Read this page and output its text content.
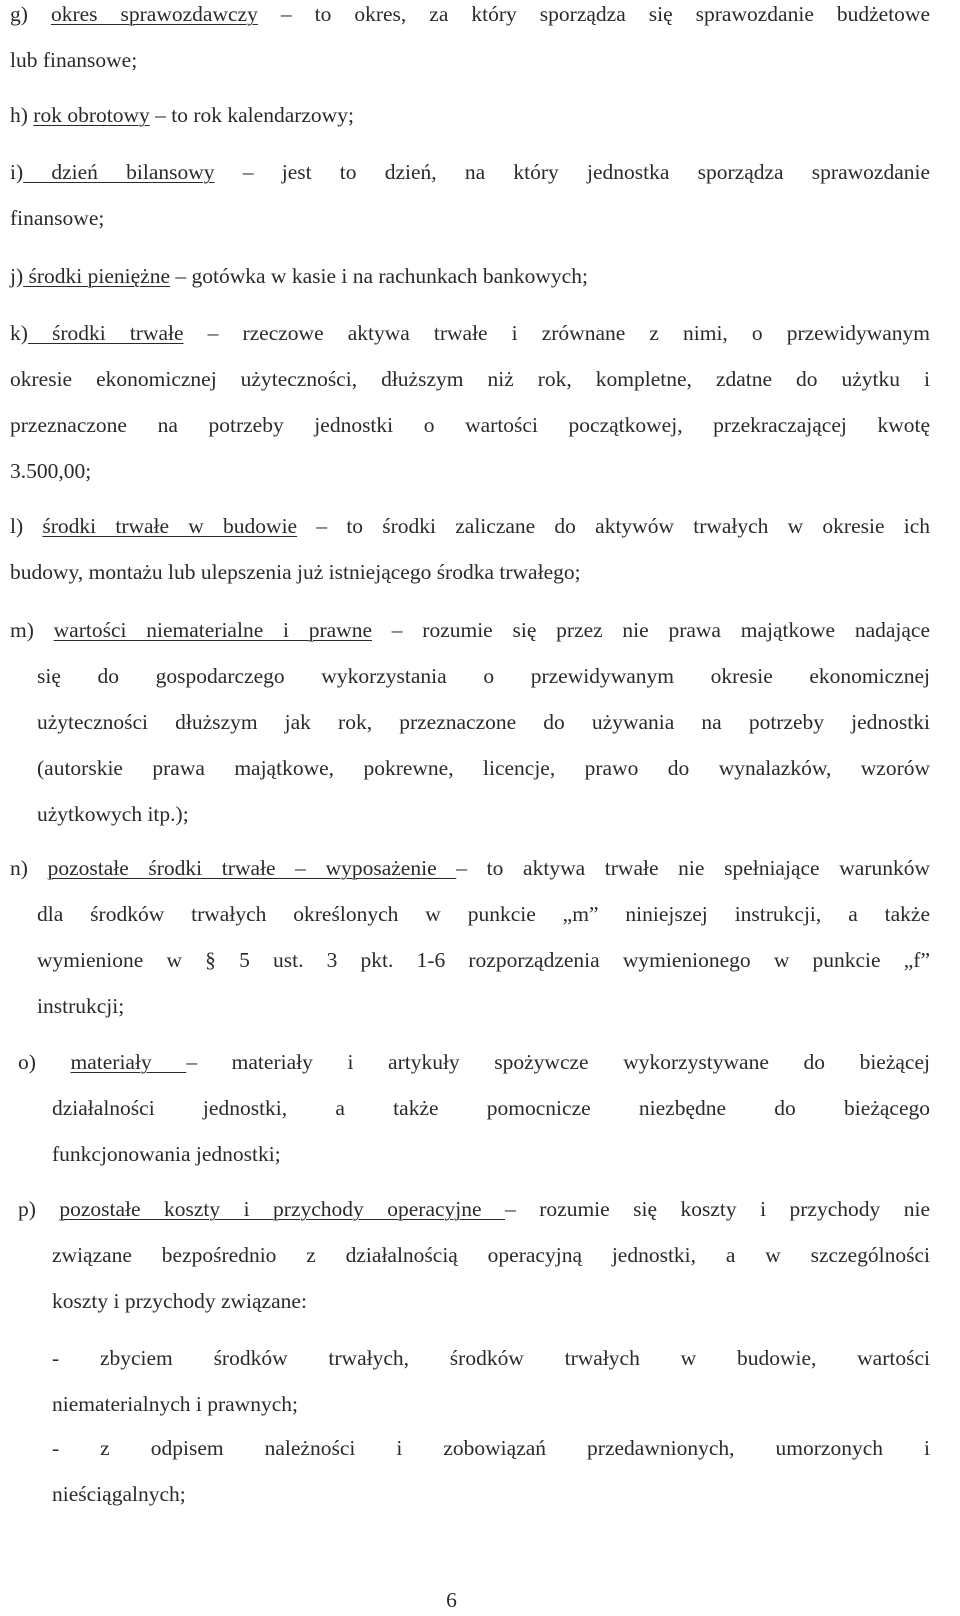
g) okres sprawozdawczy – to okres, za który sporządza się sprawozdanie budżetowe
lub finansowe;
h) rok obrotowy – to rok kalendarzowy;
i) dzień bilansowy – jest to dzień, na który jednostka sporządza sprawozdanie
finansowe;
j) środki pieniężne – gotówka w kasie i na rachunkach bankowych;
k) środki trwałe – rzeczowe aktywa trwałe i zrównane z nimi, o przewidywanym
okresie ekonomicznej użyteczności, dłuższym niż rok, kompletne, zdatne do użytku i
przeznaczone na potrzeby jednostki o wartości początkowej, przekraczającej kwotę
3.500,00;
l) środki trwałe w budowie – to środki zaliczane do aktywów trwałych w okresie ich
budowy, montażu lub ulepszenia już istniejącego środka trwałego;
m) wartości niematerialne i prawne – rozumie się przez nie prawa majątkowe nadające
się do gospodarczego wykorzystania o przewidywanym okresie ekonomicznej
użyteczności dłuższym jak rok, przeznaczone do używania na potrzeby jednostki
(autorskie prawa majątkowe, pokrewne, licencje, prawo do wynalazków, wzorów
użytkowych itp.);
n) pozostałe środki trwałe – wyposażenie – to aktywa trwałe nie spełniające warunków
dla środków trwałych określonych w punkcie „m” niniejszej instrukcji, a także
wymienione w § 5 ust. 3 pkt. 1-6 rozporządzenia wymienionego w punkcie „f”
instrukcji;
o) materiały – materiały i artykuły spożywcze wykorzystywane do bieżącej
działalności jednostki, a także pomocnicze niezbędne do bieżącego
funkcjonowania jednostki;
p) pozostałe koszty i przychody operacyjne – rozumie się koszty i przychody nie
związane bezpośrednio z działalnością operacyjną jednostki, a w szczególności
koszty i przychody związane:
- zbyciem środków trwałych, środków trwałych w budowie, wartości
niematerialnych i prawnych;
- z odpisem należności i zobowiązań przedawnionych, umorzonych i
nieściągalnych;
6
